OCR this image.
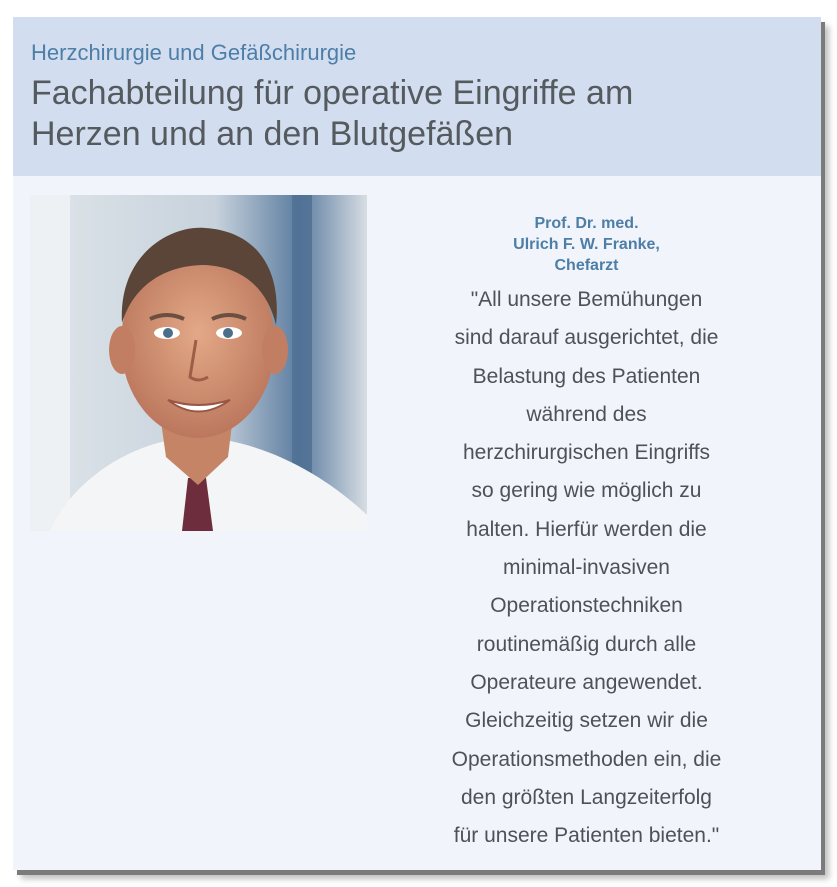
Herzchirurgie und Gefäßchirurgie
Fachabteilung für operative Eingriffe am
Herzen und an den Blutgefäßen
Prof. Dr. med.
Ulrich F. W. Franke,
Chefarzt
"All unsere Bemühungen
sind darauf ausgerichtet, die
Belastung des Patienten
während des
herzchirurgischen Eingriffs
so gering wie möglich zu
halten. Hierfür werden die
minimal-invasiven
Operationstechniken
routinemäßig durch alle
Operateure angewendet.
Gleichzeitig setzen wir die
Operationsmethoden ein, die
den größten Langzeiterfolg
für unsere Patienten bieten."
